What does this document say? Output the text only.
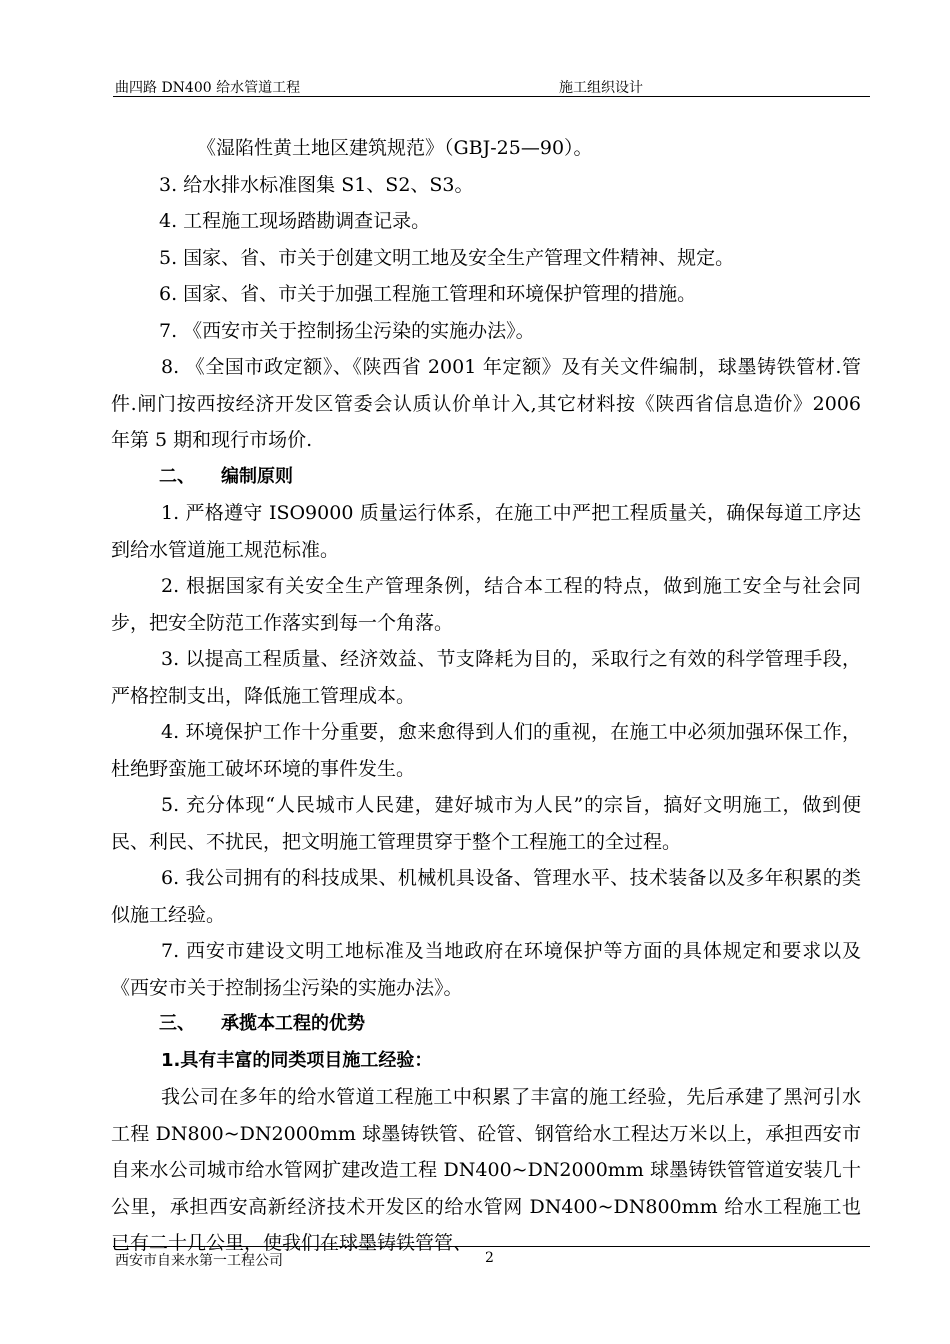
曲四路 DN400 给水管道工程	施工组织设计

《湿陷性黄土地区建筑规范》（GBJ-25—90）。

3. 给水排水标准图集 S1、S2、S3。

4. 工程施工现场踏勘调查记录。

5. 国家、省、市关于创建文明工地及安全生产管理文件精神、规定。

6. 国家、省、市关于加强工程施工管理和环境保护管理的措施。

7. 《西安市关于控制扬尘污染的实施办法》。

8. 《全国市政定额》、《陕西省 2001 年定额》及有关文件编制，球墨铸铁管材.管件.闸门按西按经济开发区管委会认质认价单计入,其它材料按《陕西省信息造价》2006 年第 5 期和现行市场价.

二、 编制原则

1. 严格遵守 ISO9000 质量运行体系，在施工中严把工程质量关，确保每道工序达到给水管道施工规范标准。

2. 根据国家有关安全生产管理条例，结合本工程的特点，做到施工安全与社会同步，把安全防范工作落实到每一个角落。

3. 以提高工程质量、经济效益、节支降耗为目的，采取行之有效的科学管理手段，严格控制支出，降低施工管理成本。

4. 环境保护工作十分重要，愈来愈得到人们的重视，在施工中必须加强环保工作，杜绝野蛮施工破坏环境的事件发生。

5. 充分体现“人民城市人民建，建好城市为人民”的宗旨，搞好文明施工，做到便民、利民、不扰民，把文明施工管理贯穿于整个工程施工的全过程。

6. 我公司拥有的科技成果、机械机具设备、管理水平、技术装备以及多年积累的类似施工经验。

7. 西安市建设文明工地标准及当地政府在环境保护等方面的具体规定和要求以及《西安市关于控制扬尘污染的实施办法》。

三、 承揽本工程的优势

1.具有丰富的同类项目施工经验：

我公司在多年的给水管道工程施工中积累了丰富的施工经验，先后承建了黑河引水工程 DN800~DN2000mm 球墨铸铁管、砼管、钢管给水工程达万米以上，承担西安市自来水公司城市给水管网扩建改造工程 DN400~DN2000mm 球墨铸铁管管道安装几十公里，承担西安高新经济技术开发区的给水管网 DN400~DN800mm 给水工程施工也已有二十几公里，使我们在球墨铸铁管管、

西安市自来水第一工程公司	2
